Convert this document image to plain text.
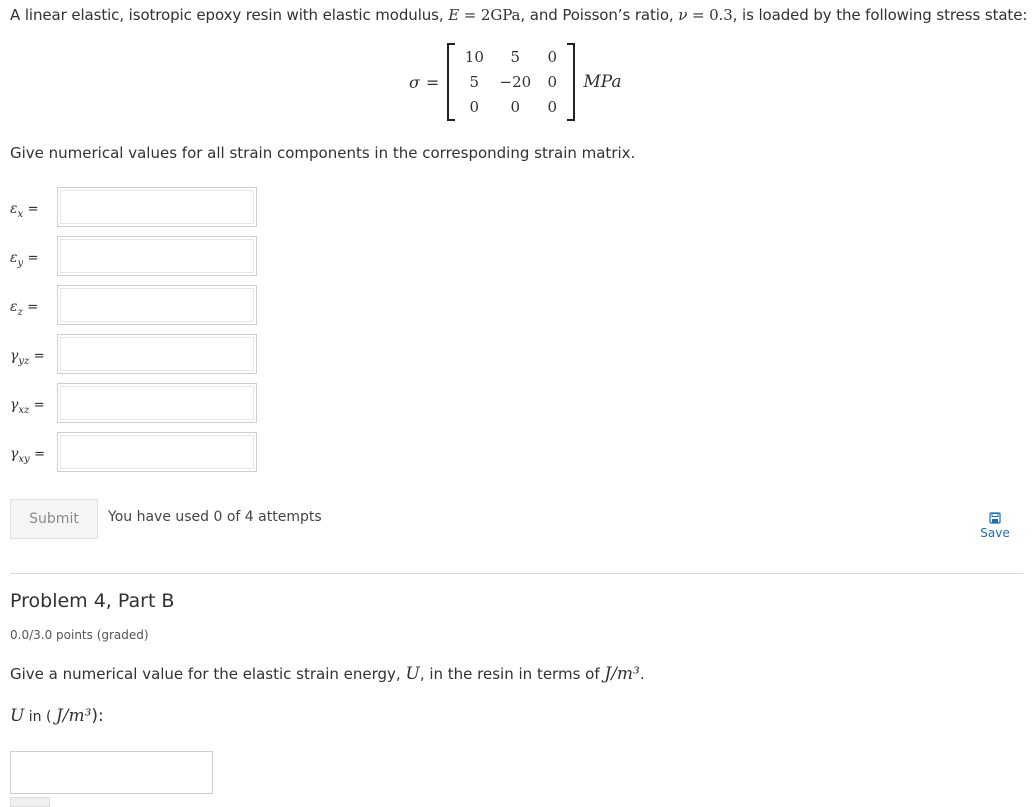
A linear elastic, isotropic epoxy resin with elastic modulus, E = 2GPa, and Poisson’s ratio, ν = 0.3, is loaded by the following stress state:
σ =
10	5	0
5	−20	0
0	0	0
MPa
Give numerical values for all strain components in the corresponding strain matrix.
$\varepsilon_x$ =
$\varepsilon_y$ =
$\varepsilon_z$ =
$\gamma_{yz}$ =
$\gamma_{xz}$ =
$\gamma_{xy}$ =
Submit	You have used 0 of 4 attempts
Save
Problem 4, Part B
0.0/3.0 points (graded)
Give a numerical value for the elastic strain energy, U, in the resin in terms of J/m³.
U in ( J/m³):
